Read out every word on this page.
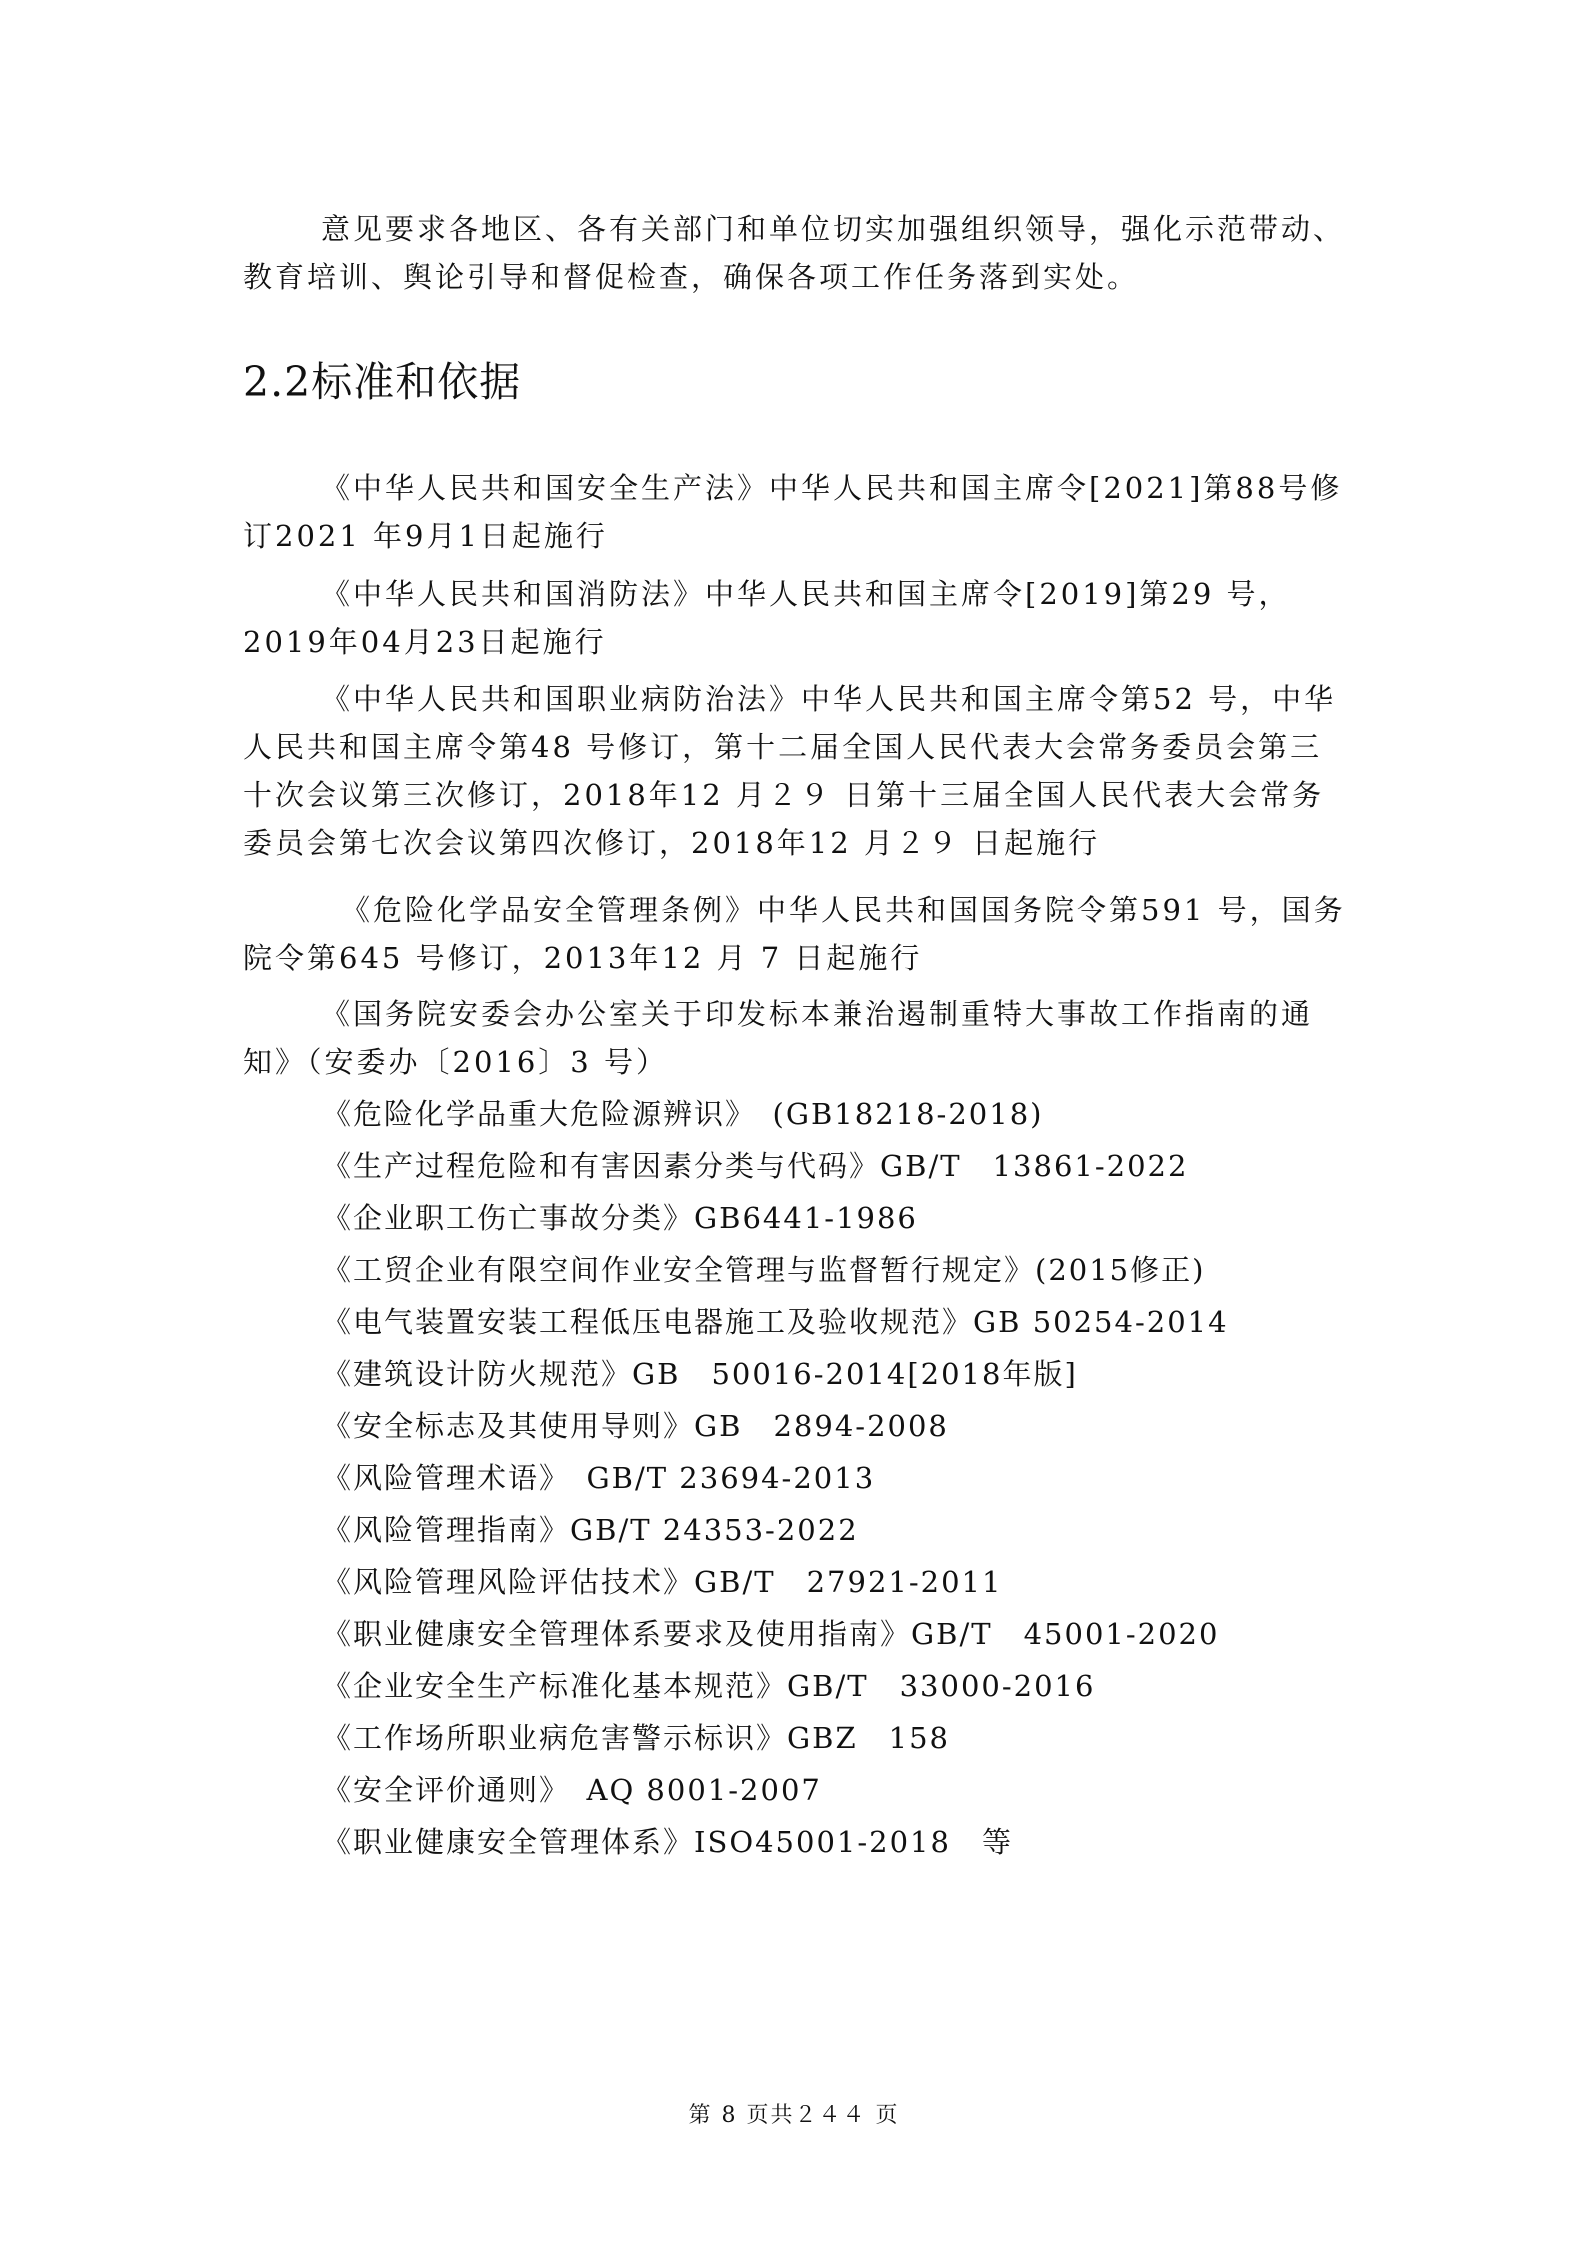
意见要求各地区、各有关部门和单位切实加强组织领导，强化示范带动、教育培训、舆论引导和督促检查，确保各项工作任务落到实处。

2.2标准和依据

《中华人民共和国安全生产法》中华人民共和国主席令[2021]第88号修订2021 年9月1日起施行

《中华人民共和国消防法》中华人民共和国主席令[2019]第29 号，2019年04月23日起施行

《中华人民共和国职业病防治法》中华人民共和国主席令第52 号，中华人民共和国主席令第48 号修订，第十二届全国人民代表大会常务委员会第三十次会议第三次修订，2018年12 月２９ 日第十三届全国人民代表大会常务委员会第七次会议第四次修订，2018年12 月２９ 日起施行

《危险化学品安全管理条例》中华人民共和国国务院令第591 号，国务院令第645 号修订，2013年12 月 7 日起施行

《国务院安委会办公室关于印发标本兼治遏制重特大事故工作指南的通知》（安委办〔2016〕3 号）

《危险化学品重大危险源辨识》　(GB18218-2018)

《生产过程危险和有害因素分类与代码》GB/T　13861-2022

《企业职工伤亡事故分类》GB6441-1986

《工贸企业有限空间作业安全管理与监督暂行规定》(2015修正)

《电气装置安装工程低压电器施工及验收规范》GB 50254-2014

《建筑设计防火规范》GB　50016-2014[2018年版]

《安全标志及其使用导则》GB　2894-2008

《风险管理术语》　GB/T 23694-2013

《风险管理指南》GB/T 24353-2022

《风险管理风险评估技术》GB/T　27921-2011

《职业健康安全管理体系要求及使用指南》GB/T　45001-2020

《企业安全生产标准化基本规范》GB/T　33000-2016

《工作场所职业病危害警示标识》GBZ　158

《安全评价通则》　AQ 8001-2007

《职业健康安全管理体系》ISO45001-2018　等

第 8 页共２４４ 页
